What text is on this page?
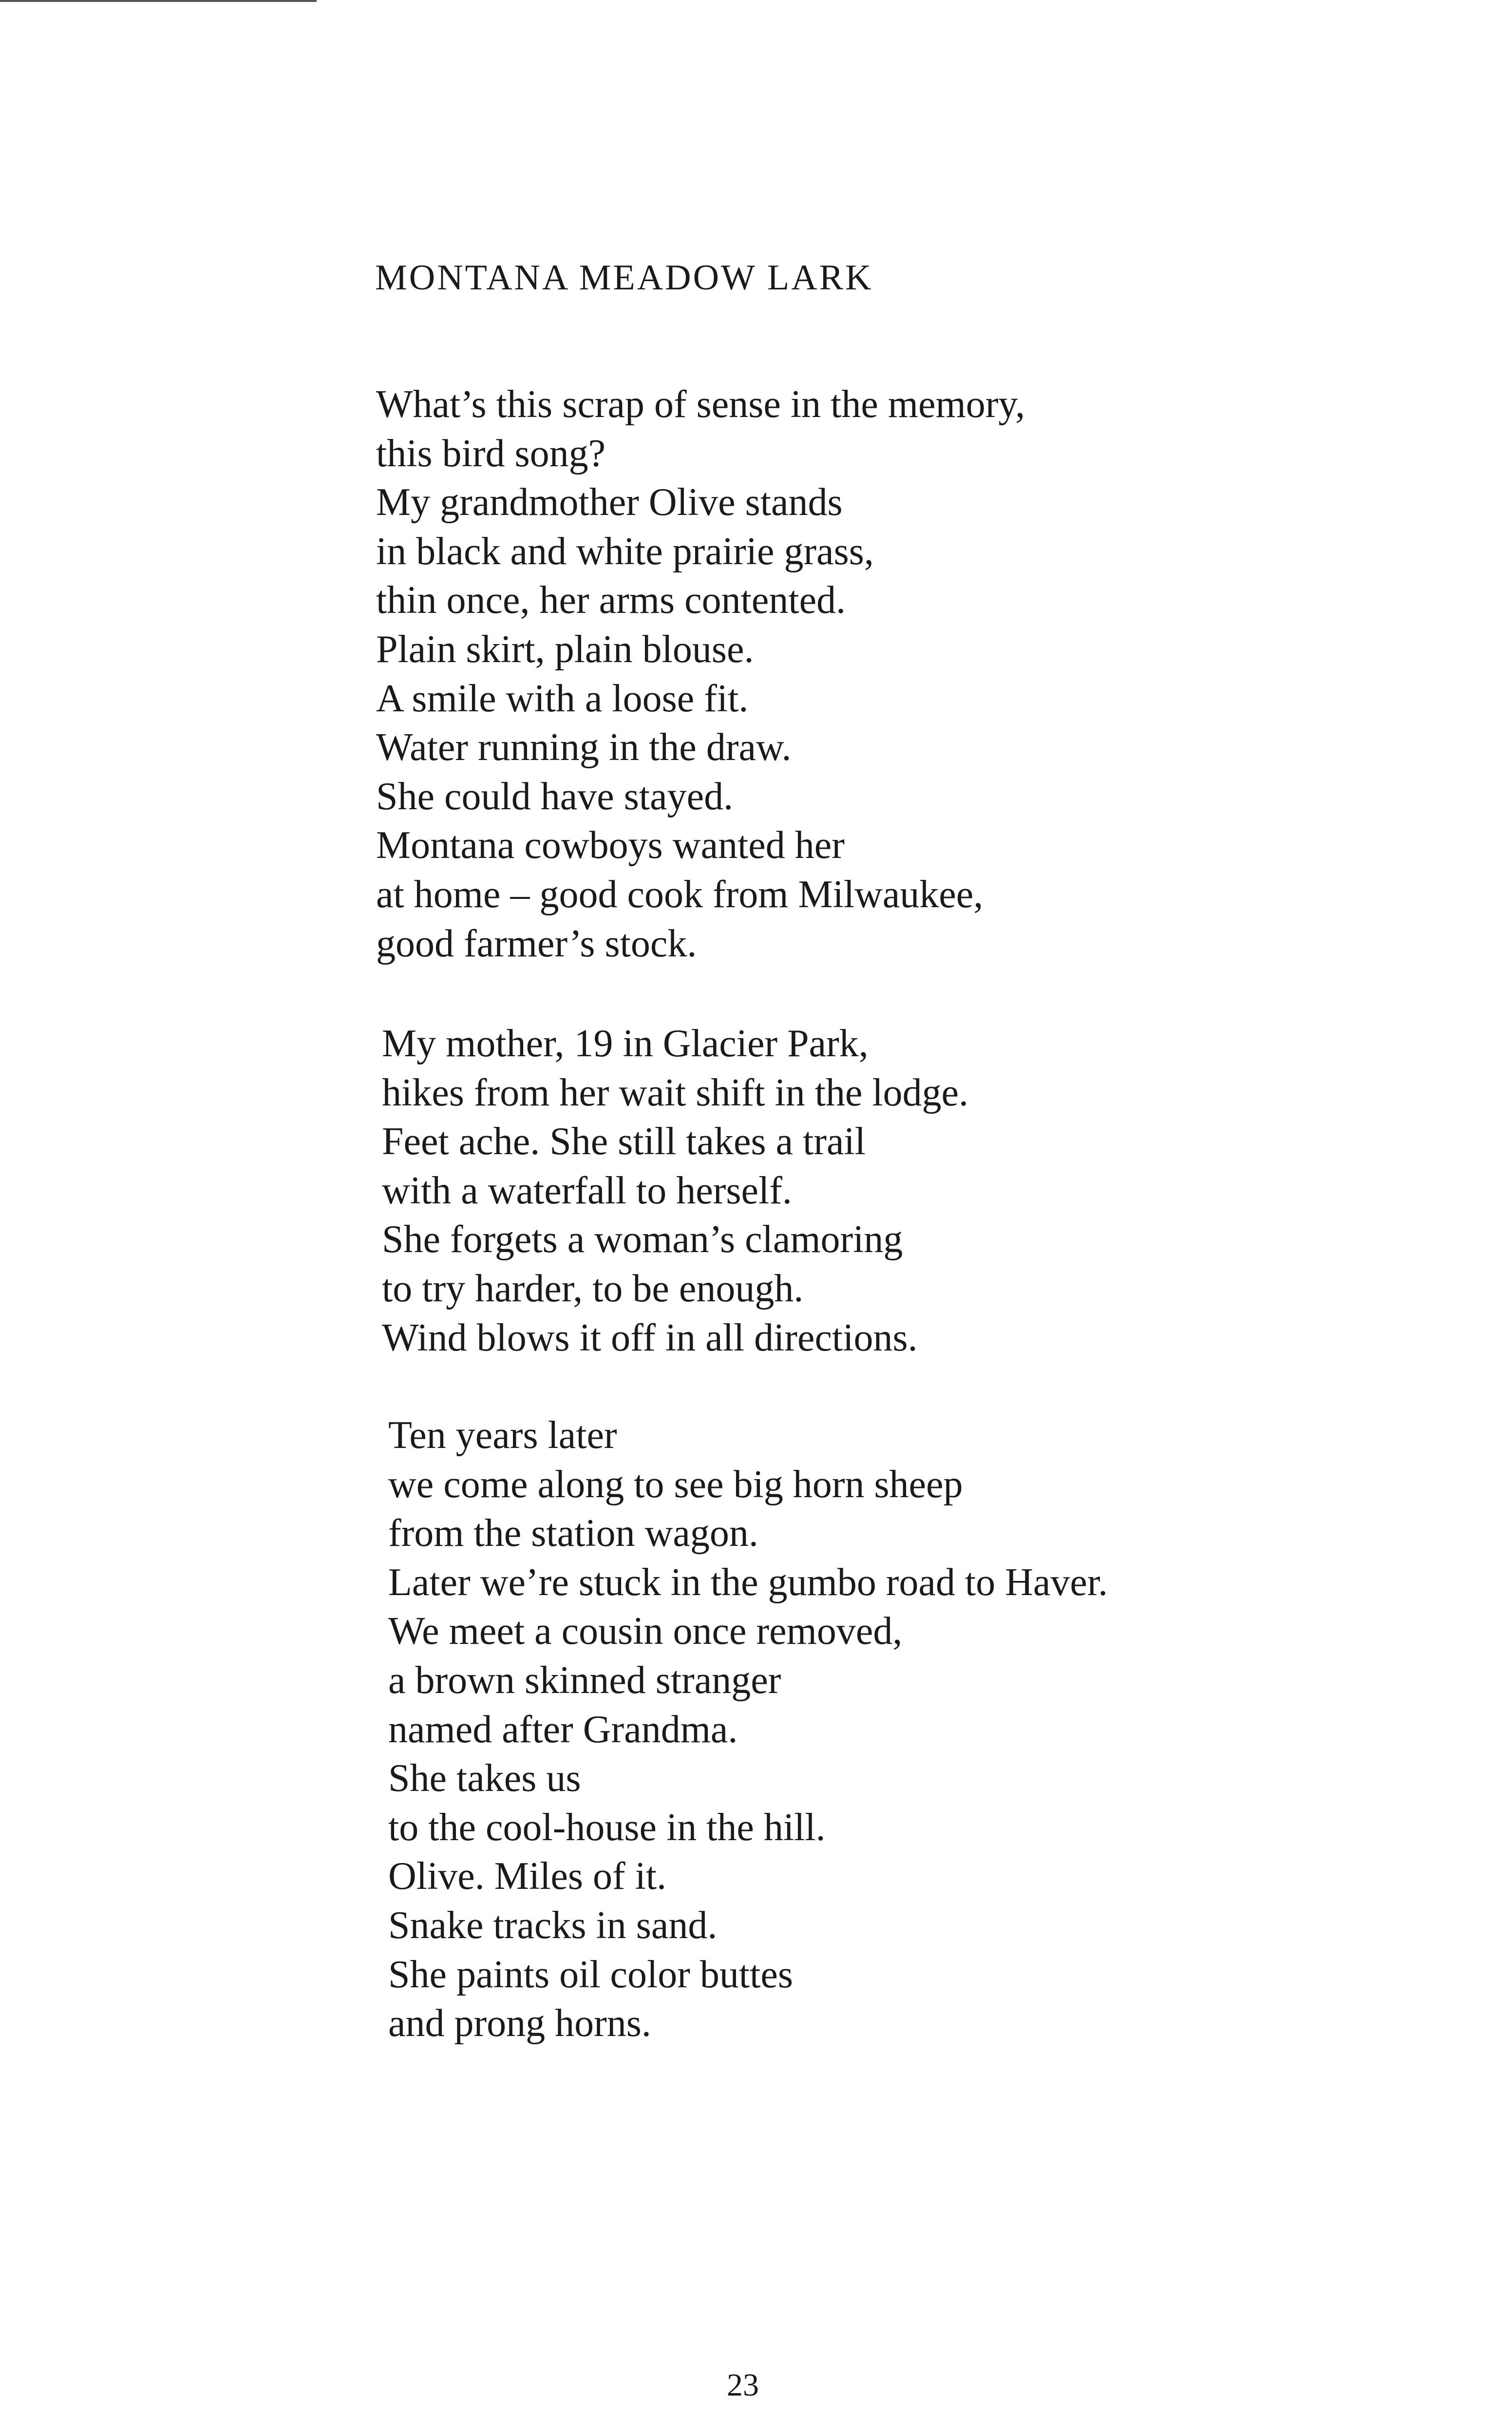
MONTANA MEADOW LARK
What’s this scrap of sense in the memory,
this bird song?
My grandmother Olive stands
in black and white prairie grass,
thin once, her arms contented.
Plain skirt, plain blouse.
A smile with a loose fit.
Water running in the draw.
She could have stayed.
Montana cowboys wanted her
at home – good cook from Milwaukee,
good farmer’s stock.
My mother, 19 in Glacier Park,
hikes from her wait shift in the lodge.
Feet ache. She still takes a trail
with a waterfall to herself.
She forgets a woman’s clamoring
to try harder, to be enough.
Wind blows it off in all directions.
Ten years later
we come along to see big horn sheep
from the station wagon.
Later we’re stuck in the gumbo road to Haver.
We meet a cousin once removed,
a brown skinned stranger
named after Grandma.
She takes us
to the cool-house in the hill.
Olive. Miles of it.
Snake tracks in sand.
She paints oil color buttes
and prong horns.
23
